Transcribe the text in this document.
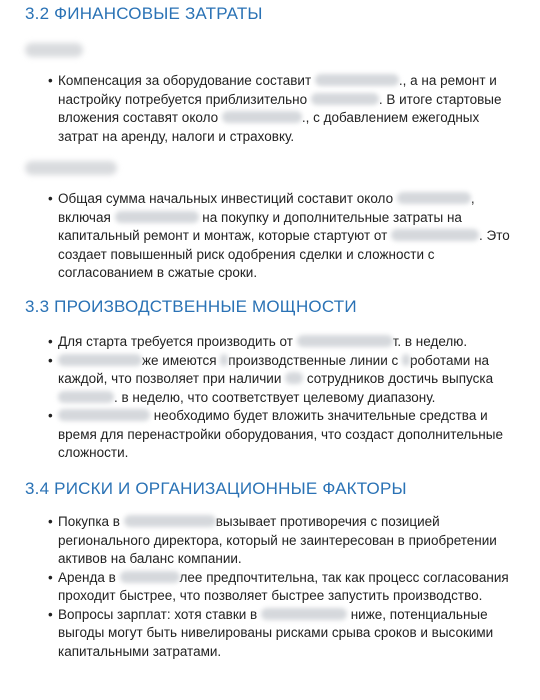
3.2 ФИНАНСОВЫЕ ЗАТРАТЫ

• Компенсация за оборудование составит	., а на ремонт и настройку потребуется приблизительно	. В итоге стартовые вложения составят около	., с добавлением ежегодных затрат на аренду, налоги и страховку.

• Общая сумма начальных инвестиций составит около	, включая	на покупку и дополнительные затраты на капитальный ремонт и монтаж, которые стартуют от	. Это создает повышенный риск одобрения сделки и сложности с согласованием в сжатые сроки.

3.3 ПРОИЗВОДСТВЕННЫЕ МОЩНОСТИ

• Для старта требуется производить от	т. в неделю.

• же имеются производственные линии с роботами на каждой, что позволяет при наличии  сотрудников достичь выпуска . в неделю, что соответствует целевому диапазону.

• необходимо будет вложить значительные средства и время для перенастройки оборудования, что создаст дополнительные сложности.

3.4 РИСКИ И ОРГАНИЗАЦИОННЫЕ ФАКТОРЫ

• Покупка в	вызывает противоречия с позицией регионального директора, который не заинтересован в приобретении активов на баланс компании.

• Аренда в	лее предпочтительна, так как процесс согласования проходит быстрее, что позволяет быстрее запустить производство.

• Вопросы зарплат: хотя ставки в	ниже, потенциальные выгоды могут быть нивелированы рисками срыва сроков и высокими капитальными затратами.
